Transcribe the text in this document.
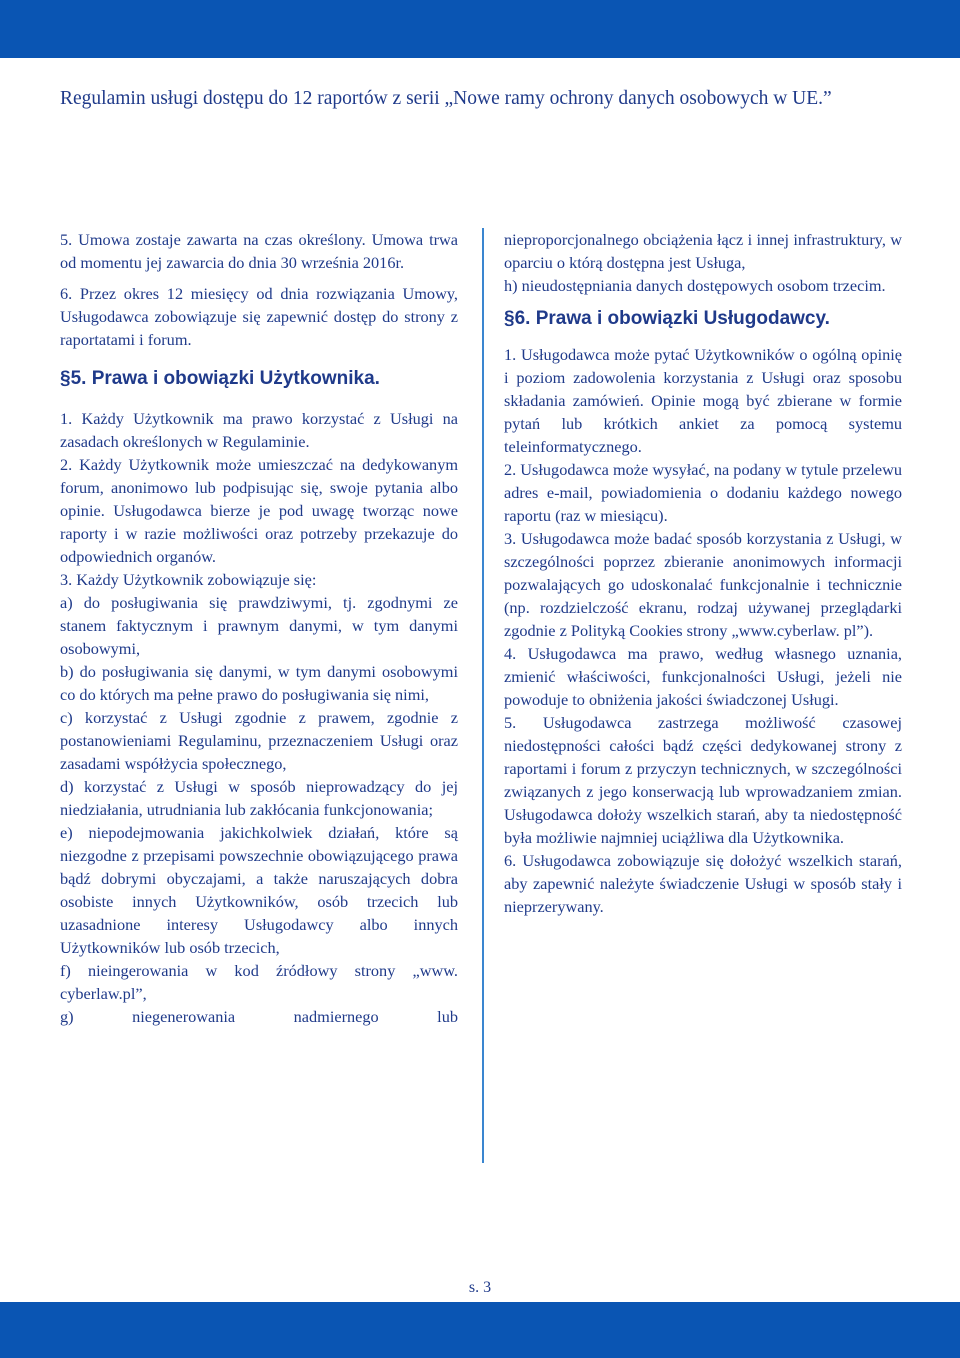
Regulamin usługi dostępu do 12 raportów z serii „Nowe ramy ochrony danych osobowych w UE.”

5. Umowa zostaje zawarta na czas określony. Umowa trwa od momentu jej zawarcia do dnia 30 września 2016r.

6. Przez okres 12 miesięcy od dnia rozwiązania Umowy, Usługodawca zobowiązuje się zapewnić dostęp do strony z raportatami i forum.

§5. Prawa i obowiązki Użytkownika.

1. Każdy Użytkownik ma prawo korzystać z Usługi na zasadach określonych w Regulaminie.

2. Każdy Użytkownik może umieszczać na dedykowanym forum, anonimowo lub podpisując się, swoje pytania albo opinie. Usługodawca bierze je pod uwagę tworząc nowe raporty i w razie możliwości oraz potrzeby przekazuje do odpowiednich organów.

3. Każdy Użytkownik zobowiązuje się:

a) do posługiwania się prawdziwymi, tj. zgodnymi ze stanem faktycznym i prawnym danymi, w tym danymi osobowymi,

b) do posługiwania się danymi, w tym danymi osobowymi co do których ma pełne prawo do posługiwania się nimi,

c) korzystać z Usługi zgodnie z prawem, zgodnie z postanowieniami Regulaminu, przeznaczeniem Usługi oraz zasadami współżycia społecznego,

d) korzystać z Usługi w sposób nieprowadzący do jej niedziałania, utrudniania lub zakłócania funkcjonowania;

e) niepodejmowania jakichkolwiek działań, które są niezgodne z przepisami powszechnie obowiązującego prawa bądź dobrymi obyczajami, a także naruszających dobra osobiste innych Użytkowników, osób trzecich lub uzasadnione interesy Usługodawcy albo innych Użytkowników lub osób trzecich,

f) nieingerowania w kod źródłowy strony „www. cyberlaw.pl”,

g) niegenerowania nadmiernego lub

nieproporcjonalnego obciążenia łącz i innej infrastruktury, w oparciu o którą dostępna jest Usługa,

h) nieudostępniania danych dostępowych osobom trzecim.

§6. Prawa i obowiązki Usługodawcy.

1. Usługodawca może pytać Użytkowników o ogólną opinię i poziom zadowolenia korzystania z Usługi oraz sposobu składania zamówień. Opinie mogą być zbierane w formie pytań lub krótkich ankiet za pomocą systemu teleinformatycznego.

2. Usługodawca może wysyłać, na podany w tytule przelewu adres e-mail, powiadomienia o dodaniu każdego nowego raportu (raz w miesiącu).

3. Usługodawca może badać sposób korzystania z Usługi, w szczególności poprzez zbieranie anonimowych informacji pozwalających go udoskonalać funkcjonalnie i technicznie (np. rozdzielczość ekranu, rodzaj używanej przeglądarki zgodnie z Polityką Cookies strony „www.cyberlaw. pl”).

4. Usługodawca ma prawo, według własnego uznania, zmienić właściwości, funkcjonalności Usługi, jeżeli nie powoduje to obniżenia jakości świadczonej Usługi.

5. Usługodawca zastrzega możliwość czasowej niedostępności całości bądź części dedykowanej strony z raportami i forum z przyczyn technicznych, w szczególności związanych z jego konserwacją lub wprowadzaniem zmian. Usługodawca dołoży wszelkich starań, aby ta niedostępność była możliwie najmniej uciążliwa dla Użytkownika.

6. Usługodawca zobowiązuje się dołożyć wszelkich starań, aby zapewnić należyte świadczenie Usługi w sposób stały i nieprzerywany.

s. 3
